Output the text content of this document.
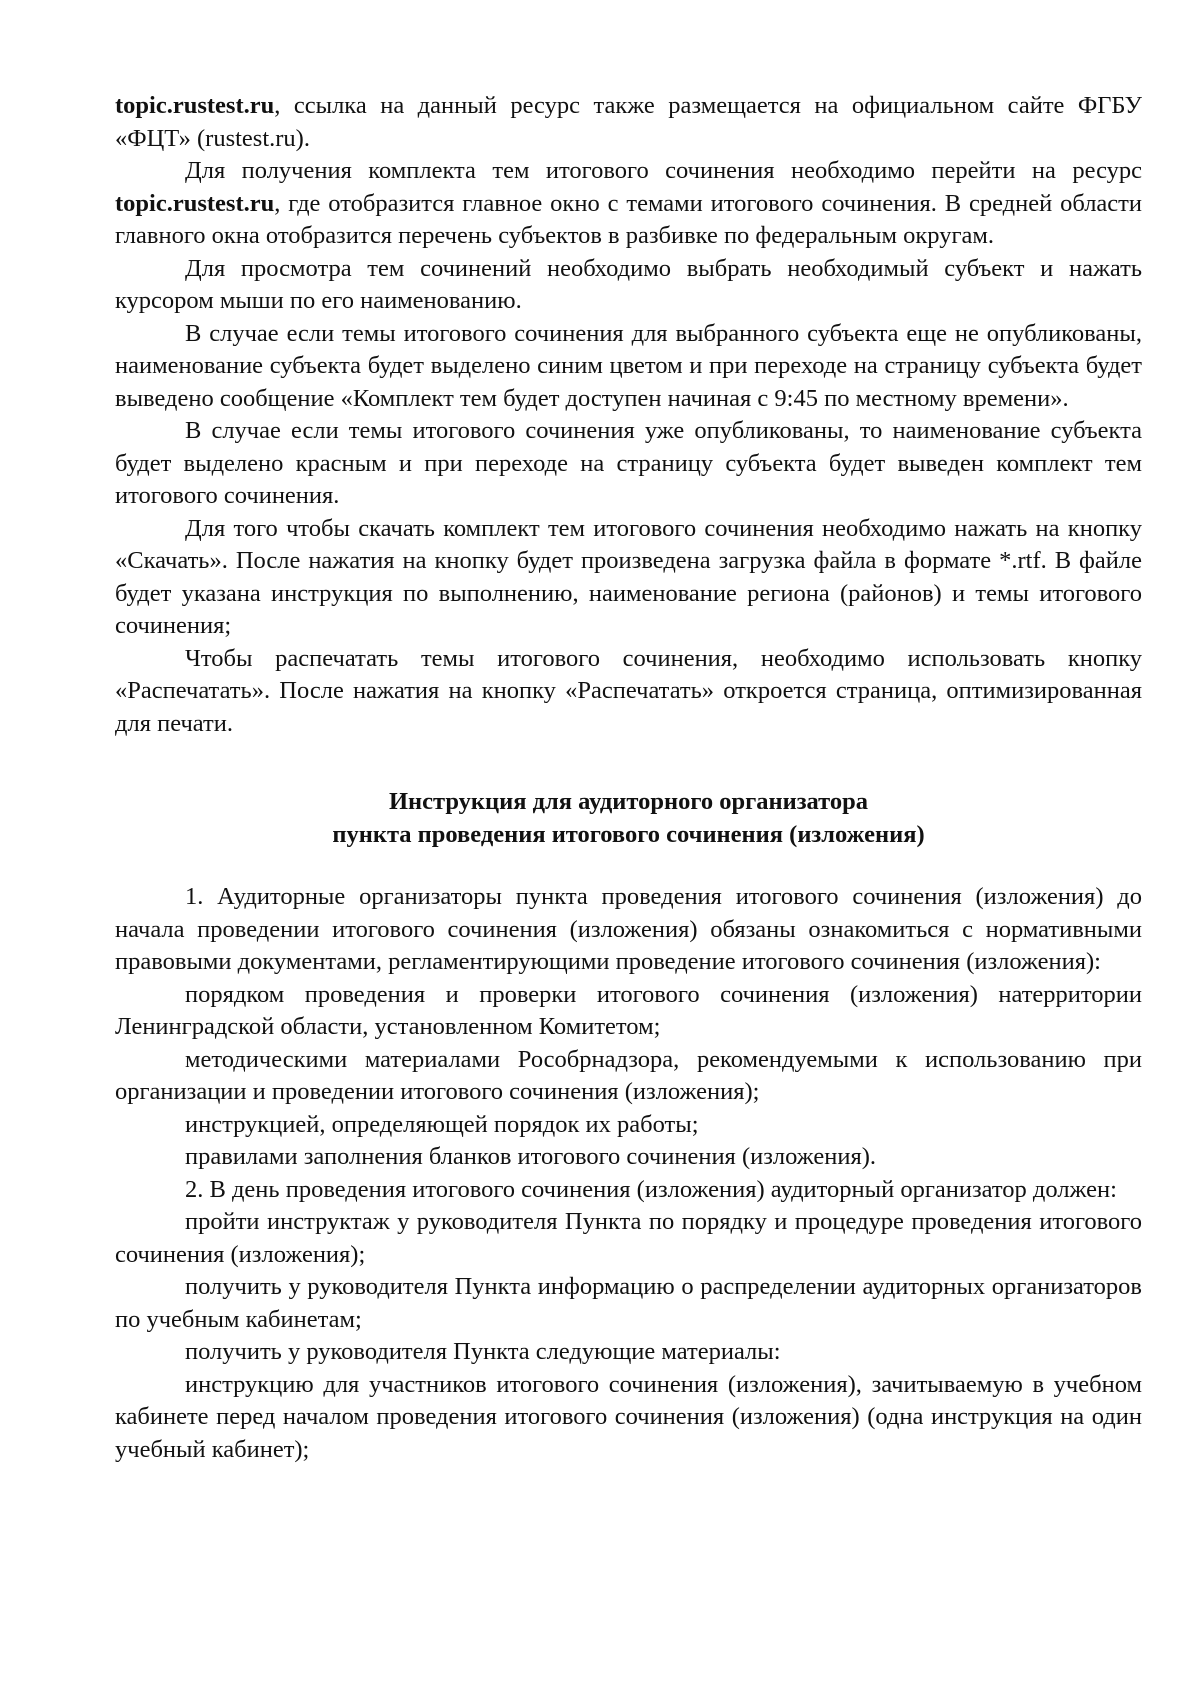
topic.rustest.ru, ссылка на данный ресурс также размещается на официальном сайте ФГБУ «ФЦТ» (rustest.ru).

Для получения комплекта тем итогового сочинения необходимо перейти на ресурс topic.rustest.ru, где отобразится главное окно с темами итогового сочинения. В средней области главного окна отобразится перечень субъектов в разбивке по федеральным округам.

Для просмотра тем сочинений необходимо выбрать необходимый субъект и нажать курсором мыши по его наименованию.

В случае если темы итогового сочинения для выбранного субъекта еще не опубликованы, наименование субъекта будет выделено синим цветом и при переходе на страницу субъекта будет выведено сообщение «Комплект тем будет доступен начиная с 9:45 по местному времени».

В случае если темы итогового сочинения уже опубликованы, то наименование субъекта будет выделено красным и при переходе на страницу субъекта будет выведен комплект тем итогового сочинения.

Для того чтобы скачать комплект тем итогового сочинения необходимо нажать на кнопку «Скачать». После нажатия на кнопку будет произведена загрузка файла в формате *.rtf. В файле будет указана инструкция по выполнению, наименование региона (районов) и темы итогового сочинения;

Чтобы распечатать темы итогового сочинения, необходимо использовать кнопку «Распечатать». После нажатия на кнопку «Распечатать» откроется страница, оптимизированная для печати.

Инструкция для аудиторного организатора
пункта проведения итогового сочинения (изложения)

1. Аудиторные организаторы пункта проведения итогового сочинения (изложения) до начала проведении итогового сочинения (изложения) обязаны ознакомиться с нормативными правовыми документами, регламентирующими проведение итогового сочинения (изложения):

порядком проведения и проверки итогового сочинения (изложения) натерритории Ленинградской области, установленном Комитетом;

методическими материалами Рособрнадзора, рекомендуемыми к использованию при организации и проведении итогового сочинения (изложения);

инструкцией, определяющей порядок их работы;

правилами заполнения бланков итогового сочинения (изложения).

2. В день проведения итогового сочинения (изложения) аудиторный организатор должен:

пройти инструктаж у руководителя Пункта по порядку и процедуре проведения итогового сочинения (изложения);

получить у руководителя Пункта информацию о распределении аудиторных организаторов по учебным кабинетам;

получить у руководителя Пункта следующие материалы:

инструкцию для участников итогового сочинения (изложения), зачитываемую в учебном кабинете перед началом проведения итогового сочинения (изложения) (одна инструкция на один учебный кабинет);
